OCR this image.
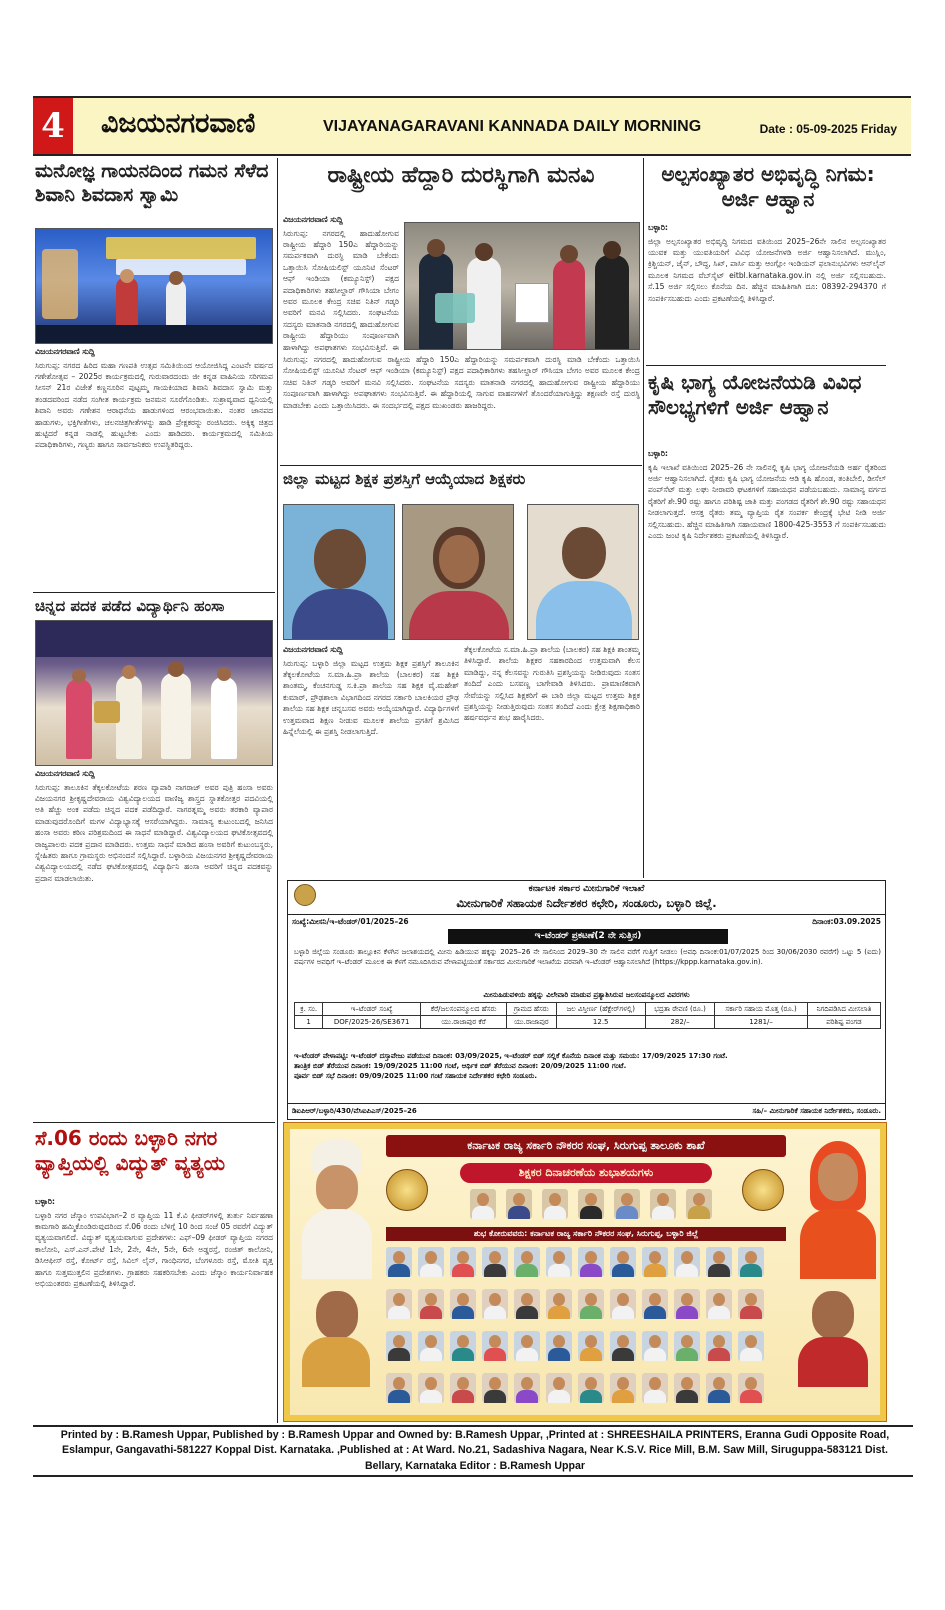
4	ವಿಜಯನಗರವಾಣಿ	VIJAYANAGARAVANI KANNADA DAILY MORNING	Date : 05-09-2025 Friday
ಮನೋಜ್ಞ ಗಾಯನದಿಂದ ಗಮನ ಸೆಳೆದ ಶಿವಾನಿ ಶಿವದಾಸ ಸ್ವಾಮಿ
ವಿಜಯನಗರವಾಣಿ ಸುದ್ದಿ
ಸಿರುಗುಪ್ಪ: ನಗರದ ಹಿರಿದ ಮಹಾ ಗಣಪತಿ ಉತ್ಸವ ಸಮಿತಿಯಿಂದ ಆಯೋಜಿಸಿದ್ದ ಎಂಟನೇ ವರ್ಷದ ಗಣೇಶೋತ್ಸವ – 2025ರ ಕಾರ್ಯಕ್ರಮದಲ್ಲಿ ಗುರುವಾರದಂದು ಜೀ ಕನ್ನಡ ವಾಹಿನಿಯ ಸರಿಗಮಪ ಸೀಸನ್ 21ರ ವಿಜೇತೆ ಕಣ್ಣನೂರಿನ ಪುಟ್ಟಮ್ಮ ಗಾಯಕಿಯಾದ ಶಿವಾನಿ ಶಿವದಾಸ ಸ್ವಾಮಿ ಮತ್ತು ತಂಡದವರಿಂದ ನಡೆದ ಸಂಗೀತ ಕಾರ್ಯಕ್ರಮ ಜನಮನ ಸೂರೆಗೊಂಡಿತು. ಸುಶ್ರಾವ್ಯವಾದ ಧ್ವನಿಯಲ್ಲಿ ಶಿವಾನಿ ಅವರು ಗಣೇಶನ ಆರಾಧನೆಯ ಹಾಡುಗಳಿಂದ ಆರಂಭವಾಯಿತು. ನಂತರ ಜಾನಪದ ಹಾಡುಗಳು, ಭಕ್ತಿಗೀತೆಗಳು, ಚಲನಚಿತ್ರಗೀತೆಗಳನ್ನು ಹಾಡಿ ಪ್ರೇಕ್ಷಕರನ್ನು ರಂಜಿಸಿದರು. ಅಕ್ಕಿಕ್ಕ ಚಿತ್ರದ ಹುಟ್ಟಿದರೆ ಕನ್ನಡ ನಾಡಲ್ಲಿ ಹುಟ್ಟಬೇಕು ಎಂದು ಹಾಡಿದರು. ಕಾರ್ಯಕ್ರಮದಲ್ಲಿ ಸಮಿತಿಯ ಪದಾಧಿಕಾರಿಗಳು, ಗಣ್ಯರು ಹಾಗೂ ಸಾರ್ವಜನಿಕರು ಉಪಸ್ಥಿತರಿದ್ದರು.
ಚಿನ್ನದ ಪದಕ ಪಡೆದ ವಿದ್ಯಾರ್ಥಿನಿ ಹಂಸಾ
ವಿಜಯನಗರವಾಣಿ ಸುದ್ದಿ
ಸಿರುಗುಪ್ಪ: ತಾಲೂಕಿನ ತೆಕ್ಕಲಕೋಟೆಯ ಶರಣ ವ್ಯಾಪಾರಿ ನಾಗರಾಜ್ ಅವರ ಪುತ್ರಿ ಹಂಸಾ ಅವರು ವಿಜಯನಗರ ಶ್ರೀಕೃಷ್ಣದೇವರಾಯ ವಿಶ್ವವಿದ್ಯಾಲಯದ ವಾಣಿಜ್ಯ ಶಾಸ್ತ್ರದ ಸ್ನಾತಕೋತ್ತರ ಪದವಿಯಲ್ಲಿ ಅತಿ ಹೆಚ್ಚು ಅಂಕ ಪಡೆದು ಚಿನ್ನದ ಪದಕ ಪಡೆದಿದ್ದಾರೆ. ನಾಗರತ್ನಮ್ಮ ಅವರು ತರಕಾರಿ ವ್ಯಾಪಾರ ಮಾಡುವುದರೊಂದಿಗೆ ಮಗಳ ವಿದ್ಯಾಭ್ಯಾಸಕ್ಕೆ ಆಸರೆಯಾಗಿದ್ದರು. ಸಾಮಾನ್ಯ ಕುಟುಂಬದಲ್ಲಿ ಜನಿಸಿದ ಹಂಸಾ ಅವರು ಕಠಿಣ ಪರಿಶ್ರಮದಿಂದ ಈ ಸಾಧನೆ ಮಾಡಿದ್ದಾರೆ. ವಿಶ್ವವಿದ್ಯಾಲಯದ ಘಟಿಕೋತ್ಸವದಲ್ಲಿ ರಾಜ್ಯಪಾಲರು ಪದಕ ಪ್ರದಾನ ಮಾಡಿದರು. ಉತ್ತಮ ಸಾಧನೆ ಮಾಡಿದ ಹಂಸಾ ಅವರಿಗೆ ಕುಟುಂಬಸ್ಥರು, ಸ್ನೇಹಿತರು ಹಾಗೂ ಗ್ರಾಮಸ್ಥರು ಅಭಿನಂದನೆ ಸಲ್ಲಿಸಿದ್ದಾರೆ. ಬಳ್ಳಾರಿಯ ವಿಜಯನಗರ ಶ್ರೀಕೃಷ್ಣದೇವರಾಯ ವಿಶ್ವವಿದ್ಯಾಲಯದಲ್ಲಿ ನಡೆದ ಘಟಿಕೋತ್ಸವದಲ್ಲಿ ವಿದ್ಯಾರ್ಥಿನಿ ಹಂಸಾ ಅವರಿಗೆ ಚಿನ್ನದ ಪದಕವನ್ನು ಪ್ರದಾನ ಮಾಡಲಾಯಿತು.
ಸೆ.06 ರಂದು ಬಳ್ಳಾರಿ ನಗರ ವ್ಯಾಪ್ತಿಯಲ್ಲಿ ವಿದ್ಯುತ್ ವ್ಯತ್ಯಯ
ಬಳ್ಳಾರಿ:
ಬಳ್ಳಾರಿ ನಗರ ಜೆಸ್ಕಾಂ ಉಪವಿಭಾಗ–2 ರ ವ್ಯಾಪ್ತಿಯ 11 ಕೆ.ವಿ ಫೀಡರ್‌ಗಳಲ್ಲಿ ತುರ್ತು ನಿರ್ವಹಣಾ ಕಾಮಗಾರಿ ಹಮ್ಮಿಕೊಂಡಿರುವುದರಿಂದ ಸೆ.06 ರಂದು ಬೆಳಿಗ್ಗೆ 10 ರಿಂದ ಸಂಜೆ 05 ರವರೆಗೆ ವಿದ್ಯುತ್ ವ್ಯತ್ಯಯವಾಗಲಿದೆ. ವಿದ್ಯುತ್ ವ್ಯತ್ಯಯವಾಗುವ ಪ್ರದೇಶಗಳು: ಎಫ್–09 ಫೀಡರ್ ವ್ಯಾಪ್ತಿಯ ನಗರದ ಕಾಲೋನಿ, ಎಸ್.ಎನ್.ಪೇಟೆ 1ನೇ, 2ನೇ, 4ನೇ, 5ನೇ, 6ನೇ ಅಡ್ಡರಸ್ತೆ, ರಂಜಿತ್ ಕಾಲೋನಿ, ಡಿಸಿಆಫೀಸ್ ರಸ್ತೆ, ಕೋರ್ಟ್ ರಸ್ತೆ, ಸಿವಿಲ್ ಲೈನ್, ಗಾಂಧಿನಗರ, ಬೆಂಗಳೂರು ರಸ್ತೆ, ಮೋತಿ ವೃತ್ತ ಹಾಗೂ ಸುತ್ತಮುತ್ತಲಿನ ಪ್ರದೇಶಗಳು. ಗ್ರಾಹಕರು ಸಹಕರಿಸಬೇಕು ಎಂದು ಜೆಸ್ಕಾಂ ಕಾರ್ಯನಿರ್ವಾಹಕ ಅಭಿಯಂತರರು ಪ್ರಕಟಣೆಯಲ್ಲಿ ತಿಳಿಸಿದ್ದಾರೆ.
ರಾಷ್ಟ್ರೀಯ ಹೆದ್ದಾರಿ ದುರಸ್ಥಿಗಾಗಿ ಮನವಿ
ವಿಜಯನಗರವಾಣಿ ಸುದ್ದಿ
ಸಿರುಗುಪ್ಪ: ನಗರದಲ್ಲಿ ಹಾದುಹೋಗುವ ರಾಷ್ಟ್ರೀಯ ಹೆದ್ದಾರಿ 150ಎ ಹೆದ್ದಾರಿಯನ್ನು ಸಮರ್ಪಕವಾಗಿ ದುರಸ್ಥಿ ಮಾಡಿ ಬೇಕೆಂದು ಒತ್ತಾಯಿಸಿ ಸೋಷಿಯಲಿಸ್ಟ್ ಯೂನಿಟಿ ಸೆಂಟರ್ ಆಫ್ ಇಂಡಿಯಾ (ಕಮ್ಯೂನಿಸ್ಟ್) ಪಕ್ಷದ ಪದಾಧಿಕಾರಿಗಳು ತಹಸೀಲ್ದಾರ್ ಗೌಸಿಯಾ ಬೇಗಂ ಅವರ ಮೂಲಕ ಕೇಂದ್ರ ಸಚಿವ ನಿತಿನ್ ಗಡ್ಕರಿ ಅವರಿಗೆ ಮನವಿ ಸಲ್ಲಿಸಿದರು. ಸಂಘಟನೆಯ ಸದಸ್ಯರು ಮಾತನಾಡಿ ನಗರದಲ್ಲಿ ಹಾದುಹೋಗುವ ರಾಷ್ಟ್ರೀಯ ಹೆದ್ದಾರಿಯು ಸಂಪೂರ್ಣವಾಗಿ ಹಾಳಾಗಿದ್ದು ಅಪಘಾತಗಳು ಸಂಭವಿಸುತ್ತಿವೆ. ಈ
ಸಿರುಗುಪ್ಪ: ನಗರದಲ್ಲಿ ಹಾದುಹೋಗುವ ರಾಷ್ಟ್ರೀಯ ಹೆದ್ದಾರಿ 150ಎ ಹೆದ್ದಾರಿಯನ್ನು ಸಮರ್ಪಕವಾಗಿ ದುರಸ್ಥಿ ಮಾಡಿ ಬೇಕೆಂದು ಒತ್ತಾಯಿಸಿ ಸೋಷಿಯಲಿಸ್ಟ್ ಯೂನಿಟಿ ಸೆಂಟರ್ ಆಫ್ ಇಂಡಿಯಾ (ಕಮ್ಯೂನಿಸ್ಟ್) ಪಕ್ಷದ ಪದಾಧಿಕಾರಿಗಳು ತಹಸೀಲ್ದಾರ್ ಗೌಸಿಯಾ ಬೇಗಂ ಅವರ ಮೂಲಕ ಕೇಂದ್ರ ಸಚಿವ ನಿತಿನ್ ಗಡ್ಕರಿ ಅವರಿಗೆ ಮನವಿ ಸಲ್ಲಿಸಿದರು. ಸಂಘಟನೆಯ ಸದಸ್ಯರು ಮಾತನಾಡಿ ನಗರದಲ್ಲಿ ಹಾದುಹೋಗುವ ರಾಷ್ಟ್ರೀಯ ಹೆದ್ದಾರಿಯು ಸಂಪೂರ್ಣವಾಗಿ ಹಾಳಾಗಿದ್ದು ಅಪಘಾತಗಳು ಸಂಭವಿಸುತ್ತಿವೆ. ಈ ಹೆದ್ದಾರಿಯಲ್ಲಿ ಸಾಗುವ ವಾಹನಗಳಿಗೆ ತೊಂದರೆಯಾಗುತ್ತಿದ್ದು ತಕ್ಷಣವೇ ರಸ್ತೆ ದುರಸ್ಥಿ ಮಾಡಬೇಕು ಎಂದು ಒತ್ತಾಯಿಸಿದರು. ಈ ಸಂದರ್ಭದಲ್ಲಿ ಪಕ್ಷದ ಮುಖಂಡರು ಹಾಜರಿದ್ದರು.
ಜಿಲ್ಲಾ ಮಟ್ಟದ ಶಿಕ್ಷಕ ಪ್ರಶಸ್ತಿಗೆ ಆಯ್ಕೆಯಾದ ಶಿಕ್ಷಕರು
ವಿಜಯನಗರವಾಣಿ ಸುದ್ದಿ
ಸಿರುಗುಪ್ಪ: ಬಳ್ಳಾರಿ ಜಿಲ್ಲಾ ಮಟ್ಟದ ಉತ್ತಮ ಶಿಕ್ಷಕ ಪ್ರಶಸ್ತಿಗೆ ತಾಲೂಕಿನ ತೆಕ್ಕಲಕೋಟೆಯ ಸ.ಮಾ.ಹಿ.ಪ್ರಾ ಶಾಲೆಯ (ಬಾಲಕರ) ಸಹ ಶಿಕ್ಷಕಿ ಶಾಂತಮ್ಮ, ಕೆಂಚನಗುಡ್ಡ ಸ.ಕಿ.ಪ್ರಾ ಶಾಲೆಯ ಸಹ ಶಿಕ್ಷಕ ವೈ.ಮಹೇಶ್ ಕುಮಾರ್, ಪ್ರೌಢಶಾಲಾ ವಿಭಾಗದಿಂದ ನಗರದ ಸರ್ಕಾರಿ ಬಾಲಕಿಯರ ಪ್ರೌಢ ಶಾಲೆಯ ಸಹ ಶಿಕ್ಷಕ ಚನ್ನಬಸವ ಅವರು ಆಯ್ಕೆಯಾಗಿದ್ದಾರೆ. ವಿದ್ಯಾರ್ಥಿಗಳಿಗೆ ಉತ್ತಮವಾದ ಶಿಕ್ಷಣ ನೀಡುವ ಮೂಲಕ ಶಾಲೆಯ ಪ್ರಗತಿಗೆ ಶ್ರಮಿಸಿದ ಹಿನ್ನೆಲೆಯಲ್ಲಿ ಈ ಪ್ರಶಸ್ತಿ ನೀಡಲಾಗುತ್ತಿದೆ.
ತೆಕ್ಕಲಕೋಟೆಯ ಸ.ಮಾ.ಹಿ.ಪ್ರಾ ಶಾಲೆಯ (ಬಾಲಕರ) ಸಹ ಶಿಕ್ಷಕಿ ಶಾಂತಮ್ಮ ತಿಳಿಸಿದ್ದಾರೆ. ಶಾಲೆಯ ಶಿಕ್ಷಕರ ಸಹಕಾರದಿಂದ ಉತ್ತಮವಾಗಿ ಕೆಲಸ ಮಾಡಿದ್ದು, ನನ್ನ ಕೆಲಸವನ್ನು ಗುರುತಿಸಿ ಪ್ರಶಸ್ತಿಯನ್ನು ನೀಡಿರುವುದು ಸಂತಸ ತಂದಿದೆ ಎಂದು ಬಸವಣ್ಣ ಬಾಗೇವಾಡಿ ತಿಳಿಸಿದರು. ಪ್ರಾಮಾಣಿಕವಾಗಿ ಸೇವೆಯನ್ನು ಸಲ್ಲಿಸಿದ ಶಿಕ್ಷಕರಿಗೆ ಈ ಬಾರಿ ಜಿಲ್ಲಾ ಮಟ್ಟದ ಉತ್ತಮ ಶಿಕ್ಷಕ ಪ್ರಶಸ್ತಿಯನ್ನು ನೀಡುತ್ತಿರುವುದು ಸಂತಸ ತಂದಿದೆ ಎಂದು ಕ್ಷೇತ್ರ ಶಿಕ್ಷಣಾಧಿಕಾರಿ ಹರ್ಷವರ್ಧನ ಶುಭ ಹಾರೈಸಿದರು.
ಅಲ್ಪಸಂಖ್ಯಾತರ ಅಭಿವೃದ್ಧಿ ನಿಗಮ: ಅರ್ಜಿ ಆಹ್ವಾನ
ಬಳ್ಳಾರಿ:
ಜಿಲ್ಲಾ ಅಲ್ಪಸಂಖ್ಯಾತರ ಅಭಿವೃದ್ಧಿ ನಿಗಮದ ವತಿಯಿಂದ 2025–26ನೇ ಸಾಲಿನ ಅಲ್ಪಸಂಖ್ಯಾತರ ಯುವಕ ಮತ್ತು ಯುವತಿಯರಿಗೆ ವಿವಿಧ ಯೋಜನೆಗಳಡಿ ಅರ್ಜಿ ಆಹ್ವಾನಿಸಲಾಗಿದೆ. ಮುಸ್ಲಿಂ, ಕ್ರಿಶ್ಚಿಯನ್, ಜೈನ್, ಬೌದ್ಧ, ಸಿಖ್, ಪಾರ್ಸಿ ಮತ್ತು ಆಂಗ್ಲೋ ಇಂಡಿಯನ್ ಫಲಾನುಭವಿಗಳು ಆನ್‌ಲೈನ್ ಮೂಲಕ ನಿಗಮದ ವೆಬ್‌ಸೈಟ್ eitbl.karnataka.gov.in ನಲ್ಲಿ ಅರ್ಜಿ ಸಲ್ಲಿಸಬಹುದು. ಸೆ.15 ಅರ್ಜಿ ಸಲ್ಲಿಸಲು ಕೊನೆಯ ದಿನ. ಹೆಚ್ಚಿನ ಮಾಹಿತಿಗಾಗಿ ದೂ: 08392-294370 ಗೆ ಸಂಪರ್ಕಿಸಬಹುದು ಎಂದು ಪ್ರಕಟಣೆಯಲ್ಲಿ ತಿಳಿಸಿದ್ದಾರೆ.
ಕೃಷಿ ಭಾಗ್ಯ ಯೋಜನೆಯಡಿ ವಿವಿಧ ಸೌಲಭ್ಯಗಳಿಗೆ ಅರ್ಜಿ ಆಹ್ವಾನ
ಬಳ್ಳಾರಿ:
ಕೃಷಿ ಇಲಾಖೆ ವತಿಯಿಂದ 2025–26 ನೇ ಸಾಲಿನಲ್ಲಿ ಕೃಷಿ ಭಾಗ್ಯ ಯೋಜನೆಯಡಿ ಅರ್ಹ ರೈತರಿಂದ ಅರ್ಜಿ ಆಹ್ವಾನಿಸಲಾಗಿದೆ. ರೈತರು ಕೃಷಿ ಭಾಗ್ಯ ಯೋಜನೆಯ ಆಡಿ ಕೃಷಿ ಹೊಂಡ, ತಂತಿಬೇಲಿ, ಡೀಸೆಲ್ ಪಂಪ್‌ಸೆಟ್ ಮತ್ತು ಲಘು ನೀರಾವರಿ ಘಟಕಗಳಿಗೆ ಸಹಾಯಧನ ಪಡೆಯಬಹುದು. ಸಾಮಾನ್ಯ ವರ್ಗದ ರೈತರಿಗೆ ಶೇ.90 ರಷ್ಟು ಹಾಗೂ ಪರಿಶಿಷ್ಟ ಜಾತಿ ಮತ್ತು ಪಂಗಡದ ರೈತರಿಗೆ ಶೇ.90 ರಷ್ಟು ಸಹಾಯಧನ ನೀಡಲಾಗುತ್ತದೆ. ಆಸಕ್ತ ರೈತರು ತಮ್ಮ ವ್ಯಾಪ್ತಿಯ ರೈತ ಸಂಪರ್ಕ ಕೇಂದ್ರಕ್ಕೆ ಭೇಟಿ ನೀಡಿ ಅರ್ಜಿ ಸಲ್ಲಿಸಬಹುದು. ಹೆಚ್ಚಿನ ಮಾಹಿತಿಗಾಗಿ ಸಹಾಯವಾಣಿ 1800-425-3553 ಗೆ ಸಂಪರ್ಕಿಸಬಹುದು ಎಂದು ಜಂಟಿ ಕೃಷಿ ನಿರ್ದೇಶಕರು ಪ್ರಕಟಣೆಯಲ್ಲಿ ತಿಳಿಸಿದ್ದಾರೆ.
ಕರ್ನಾಟಕ ಸರ್ಕಾರ ಮೀನುಗಾರಿಕೆ ಇಲಾಖೆ
ಮೀನುಗಾರಿಕೆ ಸಹಾಯಕ ನಿರ್ದೇಶಕರ ಕಛೇರಿ, ಸಂಡೂರು, ಬಳ್ಳಾರಿ ಜಿಲ್ಲೆ.
ಸಂಖ್ಯೆ:ಮೀಸನಿ/ಇ–ಟೆಂಡರ್/01/2025–26	ದಿನಾಂಕ:03.09.2025
ಇ–ಟೆಂಡರ್ ಪ್ರಕಟಣೆ(2 ನೇ ಸುತ್ತಿನ)
ಬಳ್ಳಾರಿ ಜಿಲ್ಲೆಯ ಸಂಡೂರು ತಾಲ್ಲೂಕಿನ ಕೆಳಗಿನ ಜಲಾಶಯದಲ್ಲಿ ಮೀನು ಹಿಡಿಯುವ ಹಕ್ಕನ್ನು 2025–26 ನೇ ಸಾಲಿನಿಂದ 2029–30 ನೇ ಸಾಲಿನ ವರೆಗೆ ಗುತ್ತಿಗೆ ನೀಡಲು (ಅವಧಿ ದಿನಾಂಕ:01/07/2025 ರಿಂದ 30/06/2030 ರವರೆಗೆ) ಒಟ್ಟು 5 (ಐದು) ವರ್ಷಗಳ ಅವಧಿಗೆ ಇ–ಟೆಂಡರ್ ಮೂಲಕ ಈ ಕೆಳಗೆ ನಮೂದಿಸಿರುವ ವೇಳಾಪಟ್ಟಿಯಂತೆ ಸರ್ಕಾರದ ಮೀನುಗಾರಿಕೆ ಇಲಾಖೆಯ ಪರವಾಗಿ ಇ–ಟೆಂಡರ್ ಆಹ್ವಾನಿಸಲಾಗಿದೆ (https://kppp.karnataka.gov.in).
ಮೀನುಹಿಡುವಳಿಯ ಹಕ್ಕನ್ನು ವಿಲೇವಾರಿ ಮಾಡುವ ಪ್ರತ್ಯಾಶಿಸಿರುವ ಜಲಸಂಪನ್ಮೂಲದ ವಿವರಗಳು
ಕ್ರ. ಸಂ.	ಇ–ಟೆಂಡರ್ ಸಂಖ್ಯೆ	ಕೆರೆ/ಜಲಸಂಪನ್ಮೂಲದ ಹೆಸರು	ಗ್ರಾಮದ ಹೆಸರು	ಜಲ ವಿಸ್ತೀರ್ಣ (ಹೆಕ್ಟೇರ್‌ಗಳಲ್ಲಿ)	ಭದ್ರತಾ ಠೇವಣಿ (ರೂ.)	ಸರ್ಕಾರಿ ಸಹಾಯ ಮೊತ್ತ (ರೂ.)	ನಿಗದಿಪಡಿಸಿದ ಮೀಸಲಾತಿ
1	DOF/2025-26/SE3671	ಯು.ರಾಜಾಪುರ ಕೆರೆ	ಯು.ರಾಜಾಪುರ	12.5	282/–	1281/–	ಪರಿಶಿಷ್ಟ ಪಂಗಡ
ಇ–ಟೆಂಡರ್ ವೇಳಾಪಟ್ಟಿ: ಇ–ಟೆಂಡರ್ ದಸ್ತಾವೇಜು ಪಡೆಯುವ ದಿನಾಂಕ: 03/09/2025, ಇ–ಟೆಂಡರ್ ಬಿಡ್ ಸಲ್ಲಿಕೆ ಕೊನೆಯ ದಿನಾಂಕ ಮತ್ತು ಸಮಯ: 17/09/2025 17:30 ಗಂಟೆ.
ತಾಂತ್ರಿಕ ಬಿಡ್ ತೆರೆಯುವ ದಿನಾಂಕ: 19/09/2025 11:00 ಗಂಟೆ, ಆರ್ಥಿಕ ಬಿಡ್ ತೆರೆಯುವ ದಿನಾಂಕ: 20/09/2025 11:00 ಗಂಟೆ.
ಪೂರ್ವ ಬಿಡ್ ಸಭೆ ದಿನಾಂಕ: 09/09/2025 11:00 ಗಂಟೆ ಸಹಾಯಕ ನಿರ್ದೇಶಕರ ಕಛೇರಿ ಸಂಡೂರು.
ಡಿಐಪಿಆರ್/ಬಳ್ಳಾರಿ/430/ವೆಸಿಐಪಿಎಸ್/2025–26	ಸಹಿ/– ಮೀನುಗಾರಿಕೆ ಸಹಾಯಕ ನಿರ್ದೇಶಕರು, ಸಂಡೂರು.
ಕರ್ನಾಟಕ ರಾಜ್ಯ ಸರ್ಕಾರಿ ನೌಕರರ ಸಂಘ, ಸಿರುಗುಪ್ಪ ತಾಲೂಕು ಶಾಖೆ
ಶಿಕ್ಷಕರ ದಿನಾಚರಣೆಯ ಶುಭಾಶಯಗಳು
ಶುಭ ಕೋರುವವರು: ಕರ್ನಾಟಕ ರಾಜ್ಯ ಸರ್ಕಾರಿ ನೌಕರರ ಸಂಘ, ಸಿರುಗುಪ್ಪ, ಬಳ್ಳಾರಿ ಜಿಲ್ಲೆ
Printed by : B.Ramesh Uppar, Published by : B.Ramesh Uppar and Owned by: B.Ramesh Uppar, ,Printed at : SHREESHAILA PRINTERS, Eranna Gudi Opposite Road,
Eslampur, Gangavathi-581227 Koppal Dist. Karnataka. ,Published at : At Ward. No.21, Sadashiva Nagara, Near K.S.V. Rice Mill, B.M. Saw Mill, Siruguppa-583121 Dist.
Bellary, Karnataka Editor : B.Ramesh Uppar
